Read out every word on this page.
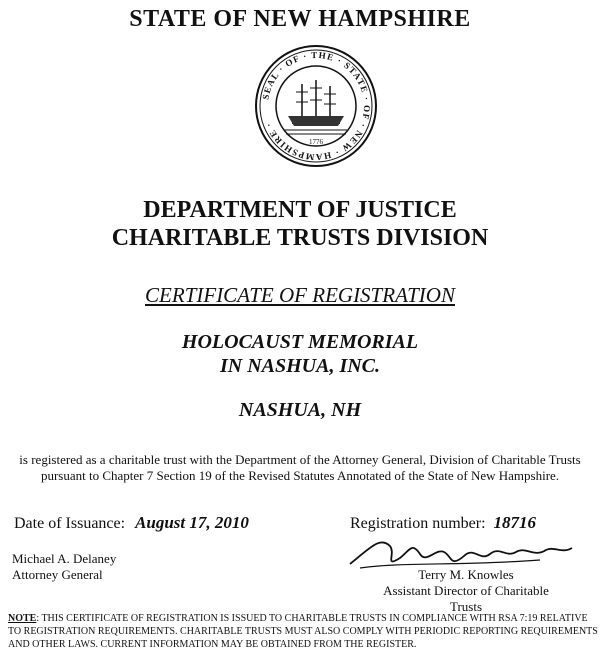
STATE OF NEW HAMPSHIRE
SEAL · OF · THE · STATE · OF · NEW · HAMPSHIRE ·
1776
DEPARTMENT OF JUSTICE
CHARITABLE TRUSTS DIVISION
CERTIFICATE OF REGISTRATION
HOLOCAUST MEMORIAL
IN NASHUA, INC.
NASHUA, NH
is registered as a charitable trust with the Department of the Attorney General, Division of Charitable Trusts
pursuant to Chapter 7 Section 19 of the Revised Statutes Annotated of the State of New Hampshire.
Date of Issuance: August 17, 2010	Registration number: 18716
Michael A. Delaney
Attorney General	Terry M. Knowles
Assistant Director of Charitable Trusts
NOTE: THIS CERTIFICATE OF REGISTRATION IS ISSUED TO CHARITABLE TRUSTS IN COMPLIANCE WITH RSA 7:19 RELATIVE TO REGISTRATION REQUIREMENTS. CHARITABLE TRUSTS MUST ALSO COMPLY WITH PERIODIC REPORTING REQUIREMENTS AND OTHER LAWS. CURRENT INFORMATION MAY BE OBTAINED FROM THE REGISTER.
